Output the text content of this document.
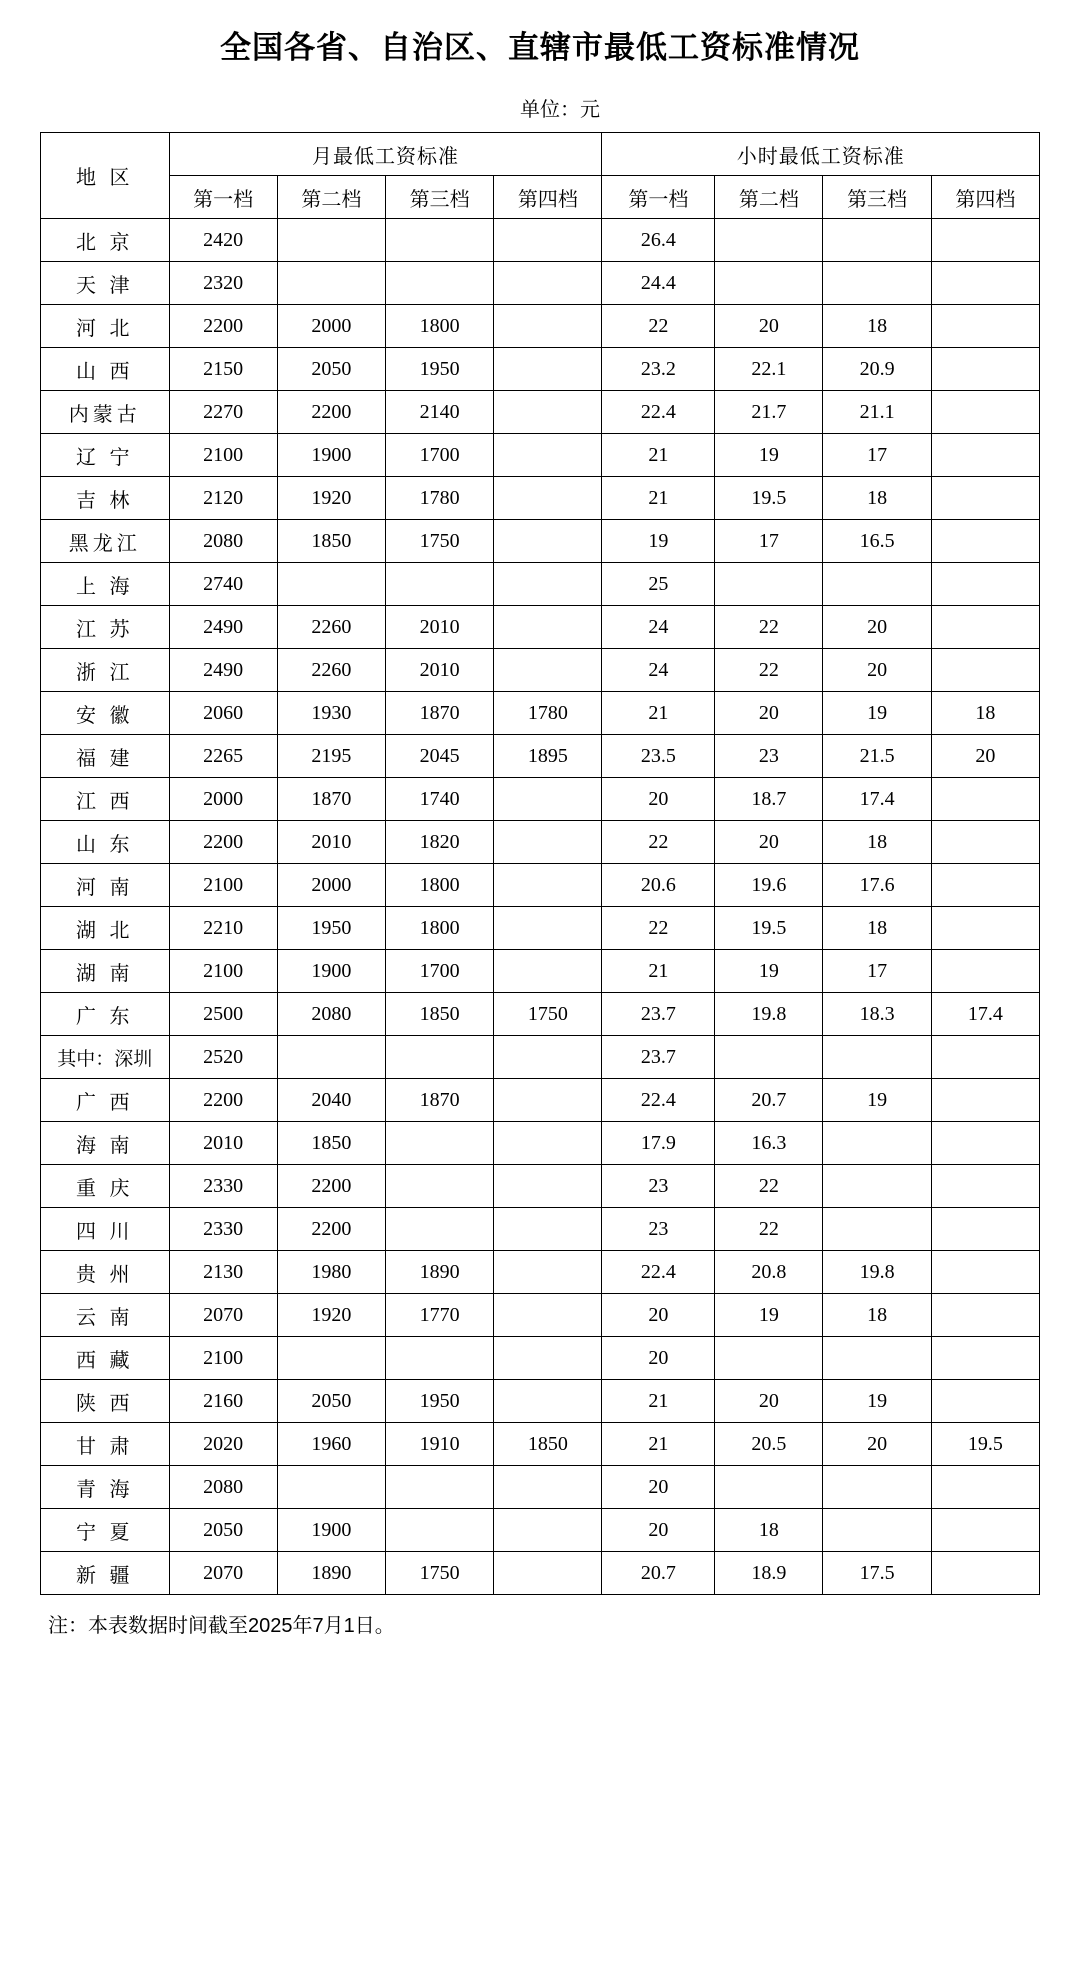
全国各省、自治区、直辖市最低工资标准情况
单位：元
地 区	月最低工资标准				小时最低工资标准			
	第一档	第二档	第三档	第四档	第一档	第二档	第三档	第四档
北 京	2420				26.4			
天 津	2320				24.4			
河 北	2200	2000	1800		22	20	18	
山 西	2150	2050	1950		23.2	22.1	20.9	
内蒙古	2270	2200	2140		22.4	21.7	21.1	
辽 宁	2100	1900	1700		21	19	17	
吉 林	2120	1920	1780		21	19.5	18	
黑龙江	2080	1850	1750		19	17	16.5	
上 海	2740				25			
江 苏	2490	2260	2010		24	22	20	
浙 江	2490	2260	2010		24	22	20	
安 徽	2060	1930	1870	1780	21	20	19	18
福 建	2265	2195	2045	1895	23.5	23	21.5	20
江 西	2000	1870	1740		20	18.7	17.4	
山 东	2200	2010	1820		22	20	18	
河 南	2100	2000	1800		20.6	19.6	17.6	
湖 北	2210	1950	1800		22	19.5	18	
湖 南	2100	1900	1700		21	19	17	
广 东	2500	2080	1850	1750	23.7	19.8	18.3	17.4
其中：深圳	2520				23.7			
广 西	2200	2040	1870		22.4	20.7	19	
海 南	2010	1850			17.9	16.3		
重 庆	2330	2200			23	22		
四 川	2330	2200			23	22		
贵 州	2130	1980	1890		22.4	20.8	19.8	
云 南	2070	1920	1770		20	19	18	
西 藏	2100				20			
陕 西	2160	2050	1950		21	20	19	
甘 肃	2020	1960	1910	1850	21	20.5	20	19.5
青 海	2080				20			
宁 夏	2050	1900			20	18		
新 疆	2070	1890	1750		20.7	18.9	17.5	
注：本表数据时间截至2025年7月1日。
